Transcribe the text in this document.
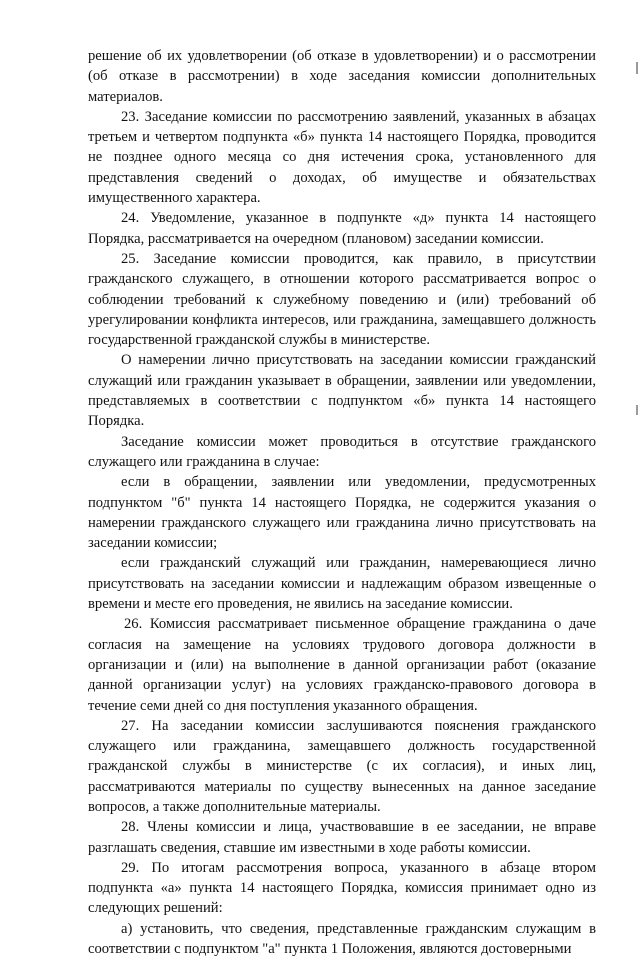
решение об их удовлетворении (об отказе в удовлетворении) и о рассмотрении (об отказе в рассмотрении) в ходе заседания комиссии дополнительных материалов.

23. Заседание комиссии по рассмотрению заявлений, указанных в абзацах третьем и четвертом подпункта «б» пункта 14 настоящего Порядка, проводится не позднее одного месяца со дня истечения срока, установленного для представления сведений о доходах, об имуществе и обязательствах имущественного характера.

24. Уведомление, указанное в подпункте «д» пункта 14 настоящего Порядка, рассматривается на очередном (плановом) заседании комиссии.

25. Заседание комиссии проводится, как правило, в присутствии гражданского служащего, в отношении которого рассматривается вопрос о соблюдении требований к служебному поведению и (или) требований об урегулировании конфликта интересов, или гражданина, замещавшего должность государственной гражданской службы в министерстве.

О намерении лично присутствовать на заседании комиссии гражданский служащий или гражданин указывает в обращении, заявлении или уведомлении, представляемых в соответствии с подпунктом «б» пункта 14 настоящего Порядка.

Заседание комиссии может проводиться в отсутствие гражданского служащего или гражданина в случае:

если в обращении, заявлении или уведомлении, предусмотренных подпунктом "б" пункта 14 настоящего Порядка, не содержится указания о намерении гражданского служащего или гражданина лично присутствовать на заседании комиссии;

если гражданский служащий или гражданин, намеревающиеся лично присутствовать на заседании комиссии и надлежащим образом извещенные о времени и месте его проведения, не явились на заседание комиссии.

26. Комиссия рассматривает письменное обращение гражданина о даче согласия на замещение на условиях трудового договора должности в организации и (или) на выполнение в данной организации работ (оказание данной организации услуг) на условиях гражданско-правового договора в течение семи дней со дня поступления указанного обращения.

27. На заседании комиссии заслушиваются пояснения гражданского служащего или гражданина, замещавшего должность государственной гражданской службы в министерстве (с их согласия), и иных лиц, рассматриваются материалы по существу вынесенных на данное заседание вопросов, а также дополнительные материалы.

28. Члены комиссии и лица, участвовавшие в ее заседании, не вправе разглашать сведения, ставшие им известными в ходе работы комиссии.

29. По итогам рассмотрения вопроса, указанного в абзаце втором подпункта «а» пункта 14 настоящего Порядка, комиссия принимает одно из следующих решений:

а) установить, что сведения, представленные гражданским служащим в соответствии с подпунктом "а" пункта 1 Положения, являются достоверными
